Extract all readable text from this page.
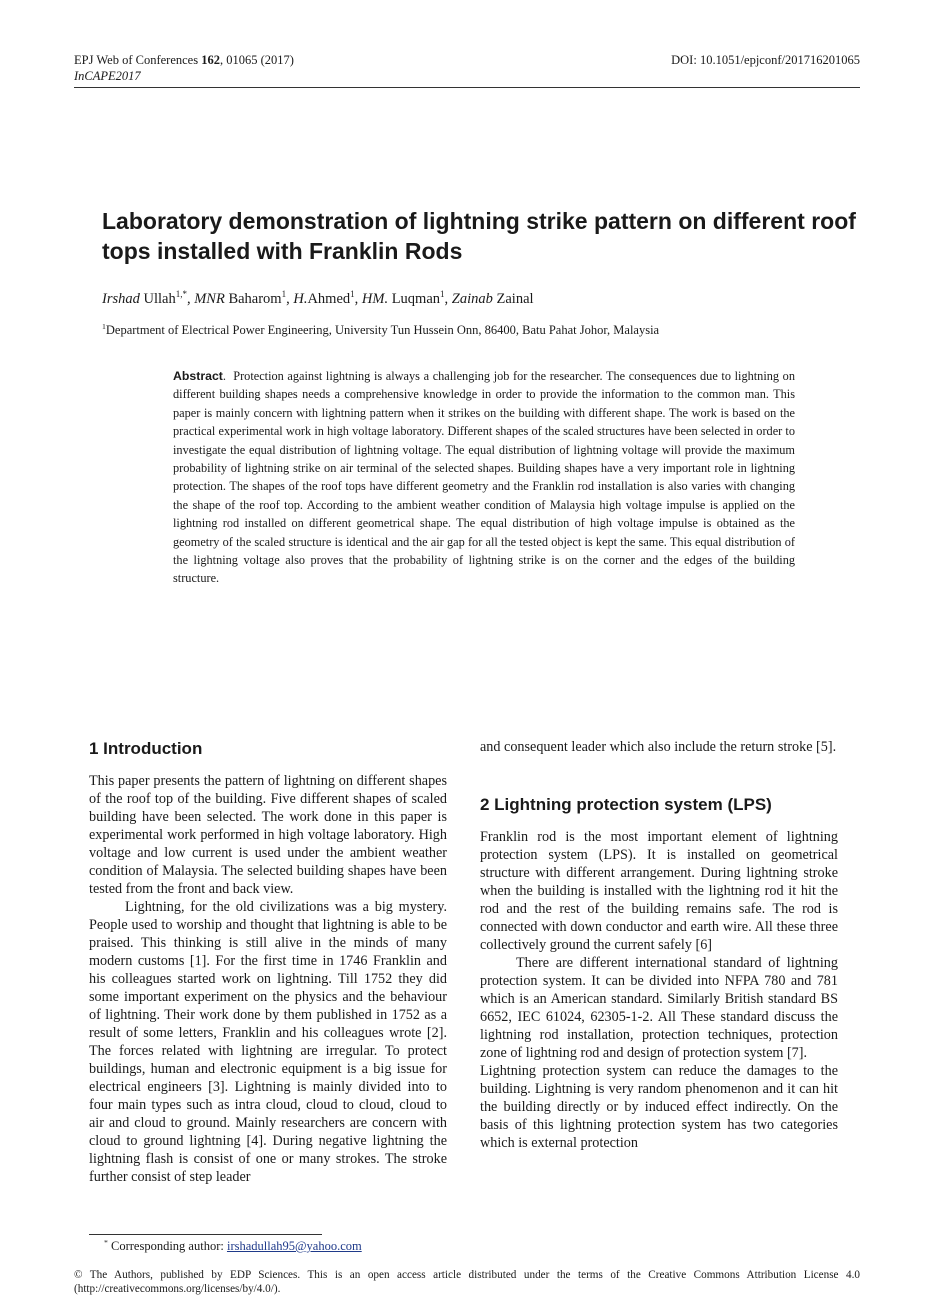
EPJ Web of Conferences 162, 01065 (2017)	DOI: 10.1051/epjconf/201716201065
InCAPE2017
Laboratory demonstration of lightning strike pattern on different roof tops installed with Franklin Rods
Irshad Ullah$^{1,*}$, MNR Baharom$^1$, H.Ahmed$^1$, HM. Luqman$^1$, Zainab Zainal
$^1$Department of Electrical Power Engineering, University Tun Hussein Onn, 86400, Batu Pahat Johor, Malaysia
Abstract.  Protection against lightning is always a challenging job for the researcher. The consequences due to lightning on different building shapes needs a comprehensive knowledge in order to provide the information to the common man. This paper is mainly concern with lightning pattern when it strikes on the building with different shape. The work is based on the practical experimental work in high voltage laboratory. Different shapes of the scaled structures have been selected in order to investigate the equal distribution of lightning voltage. The equal distribution of lightning voltage will provide the maximum probability of lightning strike on air terminal of the selected shapes. Building shapes have a very important role in lightning protection. The shapes of the roof tops have different geometry and the Franklin rod installation is also varies with changing the shape of the roof top. According to the ambient weather condition of Malaysia high voltage impulse is applied on the lightning rod installed on different geometrical shape. The equal distribution of high voltage impulse is obtained as the geometry of the scaled structure is identical and the air gap for all the tested object is kept the same. This equal distribution of the lightning voltage also proves that the probability of lightning strike is on the corner and the edges of the building structure.
1 Introduction

This paper presents the pattern of lightning on different shapes of the roof top of the building. Five different shapes of scaled building have been selected. The work done in this paper is experimental work performed in high voltage laboratory. High voltage and low current is used under the ambient weather condition of Malaysia. The selected building shapes have been tested from the front and back view.

Lightning, for the old civilizations was a big mystery. People used to worship and thought that lightning is able to be praised. This thinking is still alive in the minds of many modern customs [1]. For the first time in 1746 Franklin and his colleagues started work on lightning. Till 1752 they did some important experiment on the physics and the behaviour of lightning. Their work done by them published in 1752 as a result of some letters, Franklin and his colleagues wrote [2]. The forces related with lightning are irregular. To protect buildings, human and electronic equipment is a big issue for electrical engineers [3]. Lightning is mainly divided into to four main types such as intra cloud, cloud to cloud, cloud to air and cloud to ground. Mainly researchers are concern with cloud to ground lightning [4]. During negative lightning the lightning flash is consist of one or many strokes. The stroke further consist of step leader

and consequent leader which also include the return stroke [5].

2 Lightning protection system (LPS)

Franklin rod is the most important element of lightning protection system (LPS). It is installed on geometrical structure with different arrangement. During lightning stroke when the building is installed with the lightning rod it hit the rod and the rest of the building remains safe. The rod is connected with down conductor and earth wire. All these three collectively ground the current safely [6]

There are different international standard of lightning protection system. It can be divided into NFPA 780 and 781 which is an American standard. Similarly British standard BS 6652, IEC 61024, 62305-1-2. All These standard discuss the lightning rod installation, protection techniques, protection zone of lightning rod and design of protection system [7].

Lightning protection system can reduce the damages to the building. Lightning is very random phenomenon and it can hit the building directly or by induced effect indirectly. On the basis of this lightning protection system has two categories which is external protection

* Corresponding author: irshadullah95@yahoo.com
© The Authors, published by EDP Sciences. This is an open access article distributed under the terms of the Creative Commons Attribution License 4.0 (http://creativecommons.org/licenses/by/4.0/).
